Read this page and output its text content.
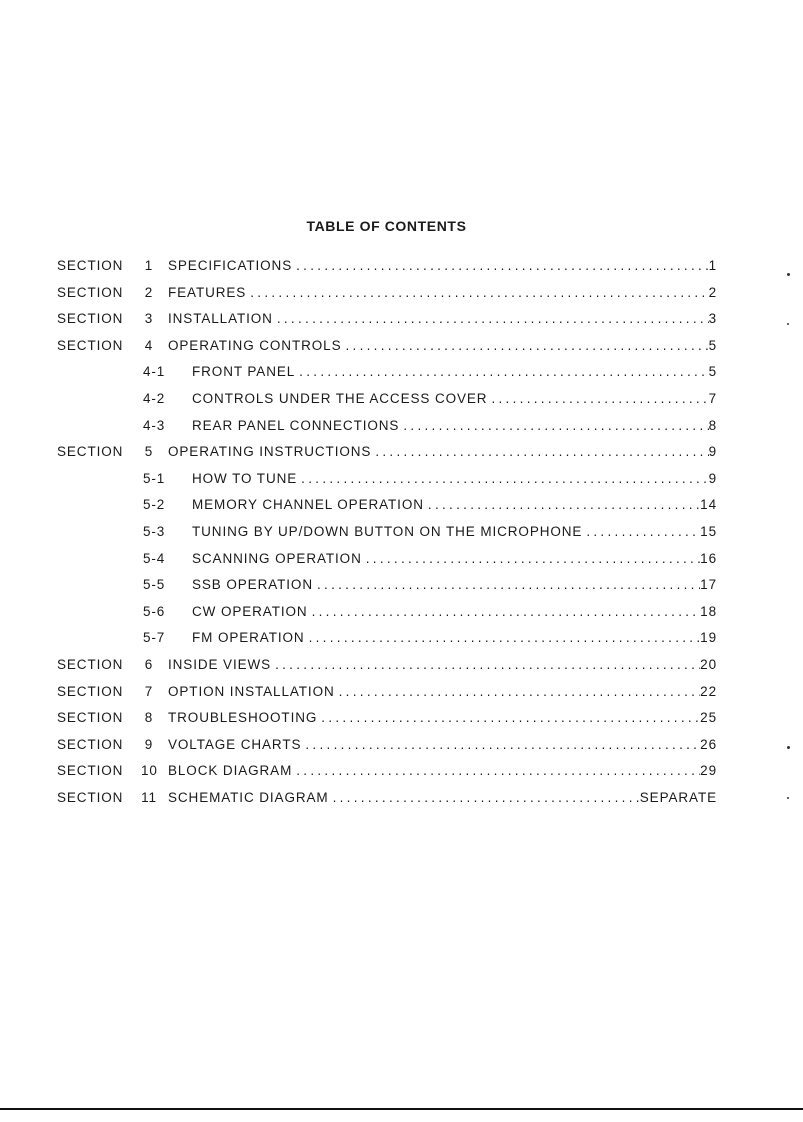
TABLE OF CONTENTS
SECTION 1 SPECIFICATIONS .....	1
SECTION 2 FEATURES .....	2
SECTION 3 INSTALLATION .....	3
SECTION 4 OPERATING CONTROLS .....	5
4-1 FRONT PANEL .....	5
4-2 CONTROLS UNDER THE ACCESS COVER .....	7
4-3 REAR PANEL CONNECTIONS .....	8
SECTION 5 OPERATING INSTRUCTIONS .....	9
5-1 HOW TO TUNE .....	9
5-2 MEMORY CHANNEL OPERATION .....	14
5-3 TUNING BY UP/DOWN BUTTON ON THE MICROPHONE .....	15
5-4 SCANNING OPERATION .....	16
5-5 SSB OPERATION .....	17
5-6 CW OPERATION .....	18
5-7 FM OPERATION .....	19
SECTION 6 INSIDE VIEWS .....	20
SECTION 7 OPTION INSTALLATION .....	22
SECTION 8 TROUBLESHOOTING .....	25
SECTION 9 VOLTAGE CHARTS .....	26
SECTION 10 BLOCK DIAGRAM .....	29
SECTION 11 SCHEMATIC DIAGRAM .....	SEPARATE
